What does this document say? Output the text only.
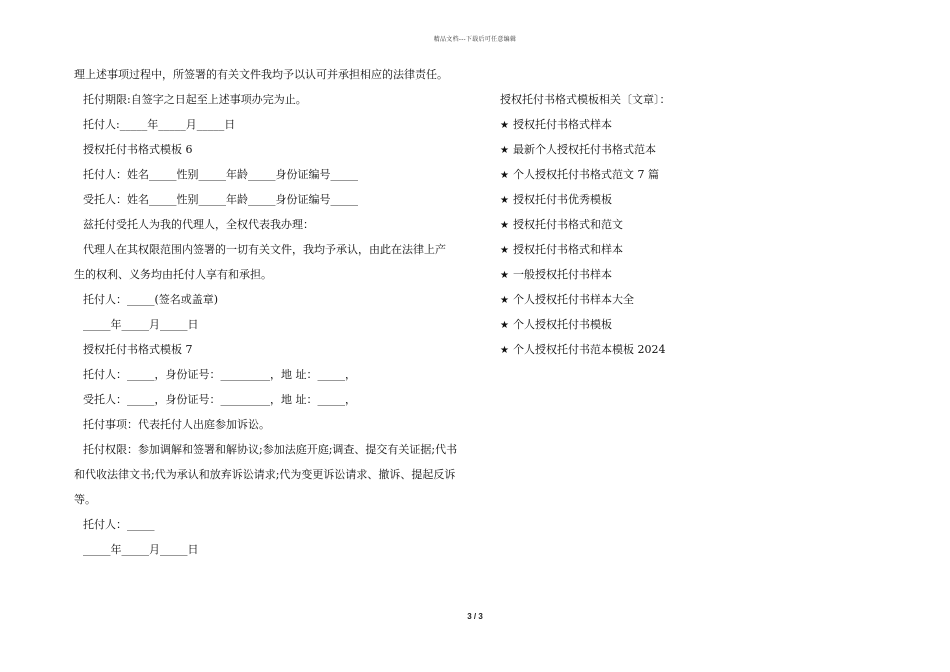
精品文档---下载后可任意编辑
理上述事项过程中，所签署的有关文件我均予以认可并承担相应的法律责任。
托付期限:自签字之日起至上述事项办完为止。
托付人:_____年_____月_____日
授权托付书格式模板 6
托付人：姓名_____性别_____年龄_____身份证编号_____
受托人：姓名_____性别_____年龄_____身份证编号_____
兹托付受托人为我的代理人，全权代表我办理：
代理人在其权限范围内签署的一切有关文件，我均予承认，由此在法律上产
生的权利、义务均由托付人享有和承担。
托付人：_____(签名或盖章)
_____年_____月_____日
授权托付书格式模板 7
托付人：_____，身份证号：_________，地 址：_____，
受托人：_____，身份证号：_________，地 址：_____，
托付事项：代表托付人出庭参加诉讼。
托付权限：参加调解和签署和解协议;参加法庭开庭;调查、提交有关证据;代书
和代收法律文书;代为承认和放弃诉讼请求;代为变更诉讼请求、撤诉、提起反诉
等。
托付人：_____
_____年_____月_____日
授权托付书格式模板相关〔文章〕：
★ 授权托付书格式样本
★ 最新个人授权托付书格式范本
★ 个人授权托付书格式范文 7 篇
★ 授权托付书优秀模板
★ 授权托付书格式和范文
★ 授权托付书格式和样本
★ 一般授权托付书样本
★ 个人授权托付书样本大全
★ 个人授权托付书模板
★ 个人授权托付书范本模板 2024
3 / 3
